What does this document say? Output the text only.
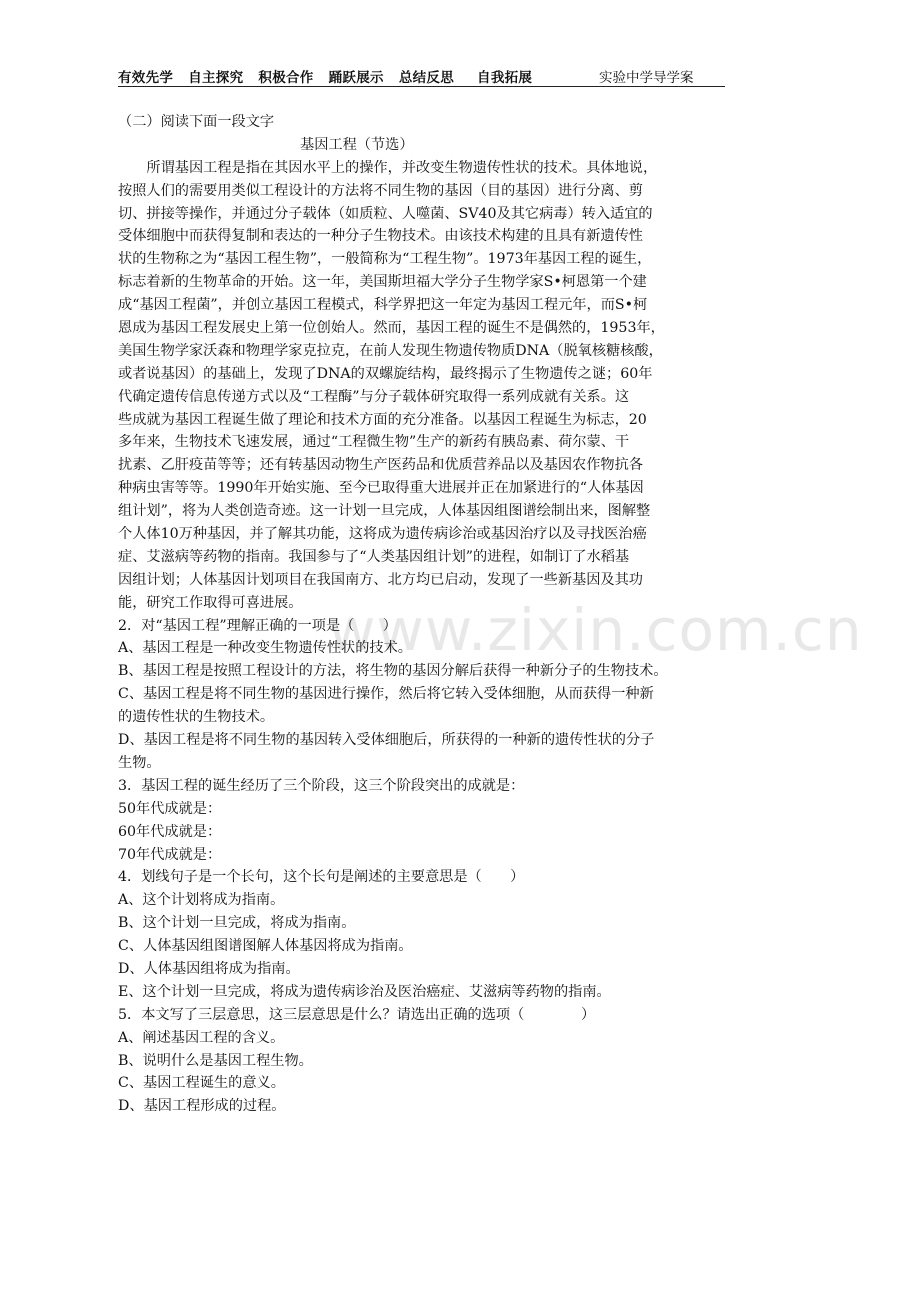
有效先学 自主探究 积极合作 踊跃展示 总结反思 自我拓展	实验中学导学案
www.zixin.com.cn
（二）阅读下面一段文字
基因工程（节选）
　　所谓基因工程是指在其因水平上的操作，并改变生物遗传性状的技术。具体地说，
按照人们的需要用类似工程设计的方法将不同生物的基因（目的基因）进行分离、剪
切、拼接等操作，并通过分子载体（如质粒、人噬菌、SV40及其它病毒）转入适宜的
受体细胞中而获得复制和表达的一种分子生物技术。由该技术构建的且具有新遗传性
状的生物称之为“基因工程生物”，一般简称为“工程生物”。1973年基因工程的诞生，
标志着新的生物革命的开始。这一年，美国斯坦福大学分子生物学家S•柯恩第一个建
成“基因工程菌”，并创立基因工程模式，科学界把这一年定为基因工程元年，而S•柯
恩成为基因工程发展史上第一位创始人。然而，基因工程的诞生不是偶然的，1953年，
美国生物学家沃森和物理学家克拉克，在前人发现生物遗传物质DNA（脱氧核糖核酸，
或者说基因）的基础上，发现了DNA的双螺旋结构，最终揭示了生物遗传之谜；60年
代确定遗传信息传递方式以及“工程酶”与分子载体研究取得一系列成就有关系。这
些成就为基因工程诞生做了理论和技术方面的充分准备。以基因工程诞生为标志，20
多年来，生物技术飞速发展，通过“工程微生物”生产的新药有胰岛素、荷尔蒙、干
扰素、乙肝疫苗等等；还有转基因动物生产医药品和优质营养品以及基因农作物抗各
种病虫害等等。1990年开始实施、至今已取得重大进展并正在加紧进行的“人体基因
组计划”，将为人类创造奇迹。这一计划一旦完成，人体基因组图谱绘制出来，图解整
个人体10万种基因，并了解其功能，这将成为遗传病诊治或基因治疗以及寻找医治癌
症、艾滋病等药物的指南。我国参与了“人类基因组计划”的进程，如制订了水稻基
因组计划；人体基因计划项目在我国南方、北方均已启动，发现了一些新基因及其功
能，研究工作取得可喜进展。
2．对“基因工程”理解正确的一项是（　　）
A、基因工程是一种改变生物遗传性状的技术。
B、基因工程是按照工程设计的方法，将生物的基因分解后获得一种新分子的生物技术。
C、基因工程是将不同生物的基因进行操作，然后将它转入受体细胞，从而获得一种新
的遗传性状的生物技术。
D、基因工程是将不同生物的基因转入受体细胞后，所获得的一种新的遗传性状的分子
生物。
3．基因工程的诞生经历了三个阶段，这三个阶段突出的成就是：
50年代成就是：
60年代成就是：
70年代成就是：
4．划线句子是一个长句，这个长句是阐述的主要意思是（　　）
A、这个计划将成为指南。
B、这个计划一旦完成，将成为指南。
C、人体基因组图谱图解人体基因将成为指南。
D、人体基因组将成为指南。
E、这个计划一旦完成，将成为遗传病诊治及医治癌症、艾滋病等药物的指南。
5．本文写了三层意思，这三层意思是什么？请选出正确的选项（　　　　）
A、阐述基因工程的含义。
B、说明什么是基因工程生物。
C、基因工程诞生的意义。
D、基因工程形成的过程。
